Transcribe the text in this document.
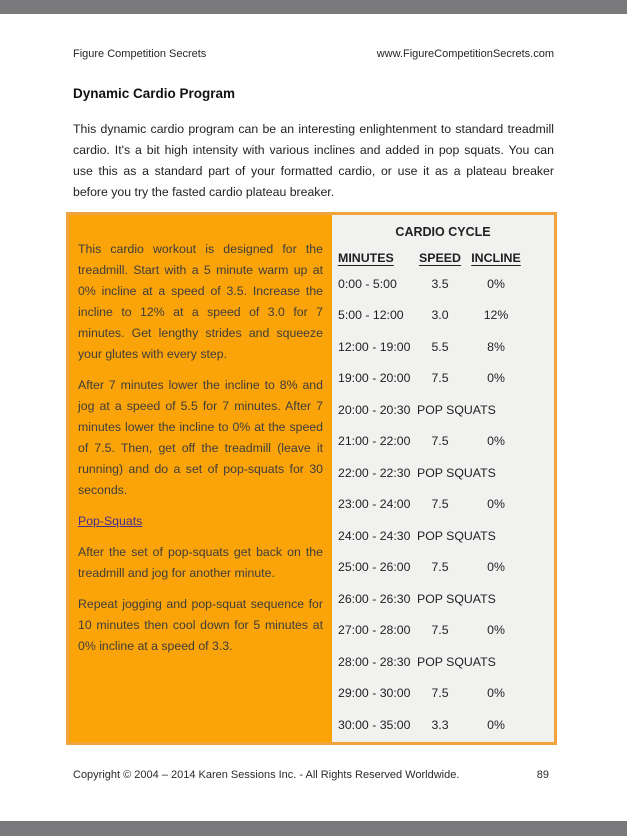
Figure Competition Secrets	www.FigureCompetitionSecrets.com
Dynamic Cardio Program
This dynamic cardio program can be an interesting enlightenment to standard treadmill cardio. It's a bit high intensity with various inclines and added in pop squats. You can use this as a standard part of your formatted cardio, or use it as a plateau breaker before you try the fasted cardio plateau breaker.

This cardio workout is designed for the treadmill. Start with a 5 minute warm up at 0% incline at a speed of 3.5. Increase the incline to 12% at a speed of 3.0 for 7 minutes. Get lengthy strides and squeeze your glutes with every step.

After 7 minutes lower the incline to 8% and jog at a speed of 5.5 for 7 minutes. After 7 minutes lower the incline to 0% at the speed of 7.5. Then, get off the treadmill (leave it running) and do a set of pop-squats for 30 seconds.

Pop-Squats

After the set of pop-squats get back on the treadmill and jog for another minute.

Repeat jogging and pop-squat sequence for 10 minutes then cool down for 5 minutes at 0% incline at a speed of 3.3.

CARDIO CYCLE
MINUTES	SPEED INCLINE
0:00 - 5:00	3.5	0%
5:00 - 12:00	3.0	12%
12:00 - 19:00	5.5	8%
19:00 - 20:00	7.5	0%
20:00 - 20:30 POP SQUATS
21:00 - 22:00	7.5	0%
22:00 - 22:30 POP SQUATS
23:00 - 24:00	7.5	0%
24:00 - 24:30 POP SQUATS
25:00 - 26:00	7.5	0%
26:00 - 26:30 POP SQUATS
27:00 - 28:00	7.5	0%
28:00 - 28:30 POP SQUATS
29:00 - 30:00	7.5	0%
30:00 - 35:00	3.3	0%
Copyright © 2004 – 2014 Karen Sessions Inc. - All Rights Reserved Worldwide.	89
